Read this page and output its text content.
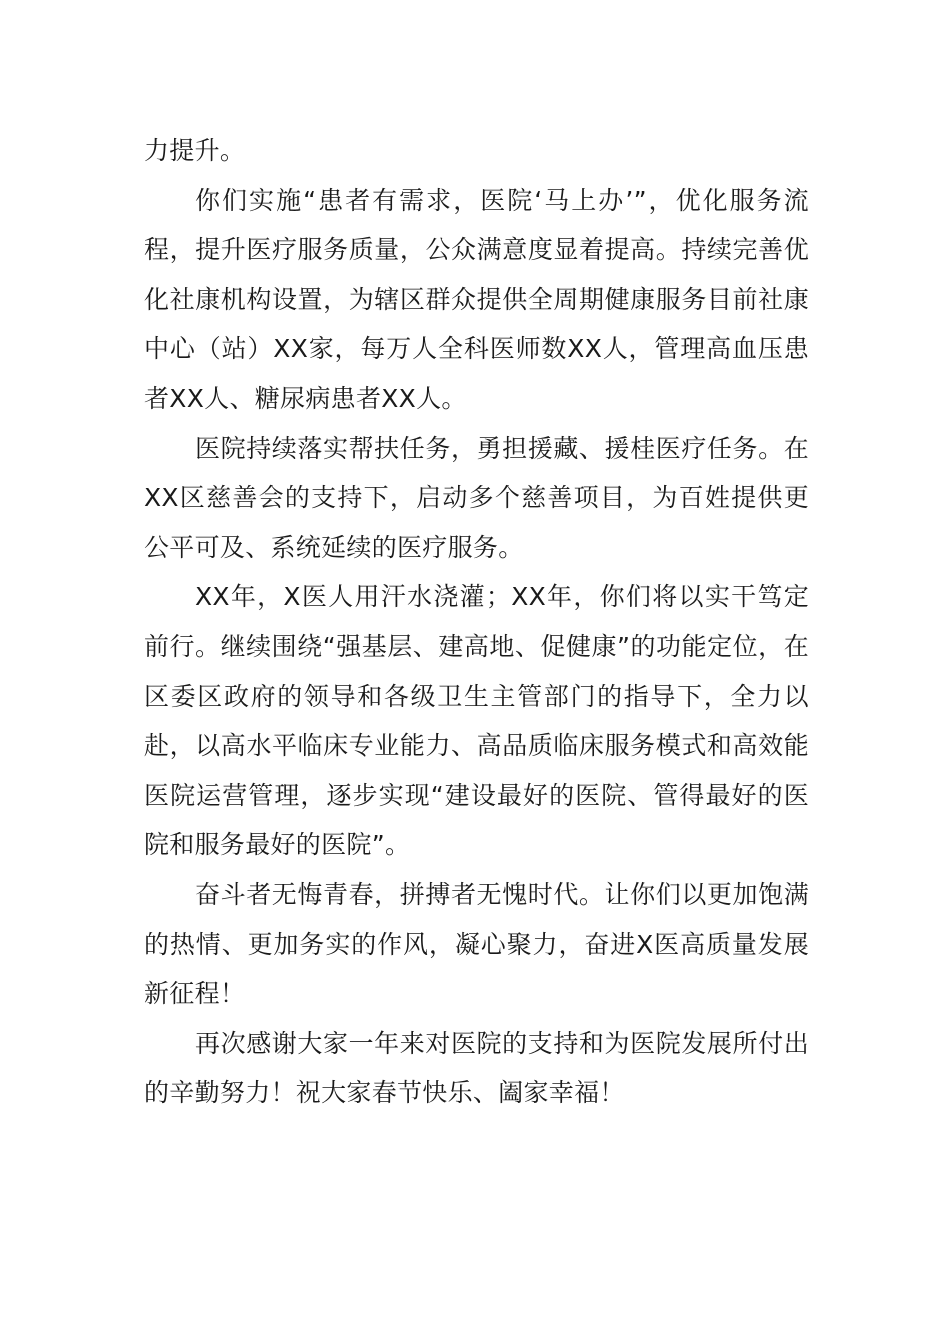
力提升。

你们实施“患者有需求，医院‘马上办’”，优化服务流程，提升医疗服务质量，公众满意度显着提高。持续完善优化社康机构设置，为辖区群众提供全周期健康服务目前社康中心（站）XX家，每万人全科医师数XX人，管理高血压患者XX人、糖尿病患者XX人。

医院持续落实帮扶任务，勇担援藏、援桂医疗任务。在XX区慈善会的支持下，启动多个慈善项目，为百姓提供更公平可及、系统延续的医疗服务。

XX年，X医人用汗水浇灌；XX年，你们将以实干笃定前行。继续围绕“强基层、建高地、促健康”的功能定位，在区委区政府的领导和各级卫生主管部门的指导下，全力以赴，以高水平临床专业能力、高品质临床服务模式和高效能医院运营管理，逐步实现“建设最好的医院、管得最好的医院和服务最好的医院”。

奋斗者无悔青春，拼搏者无愧时代。让你们以更加饱满的热情、更加务实的作风，凝心聚力，奋进X医高质量发展新征程！

再次感谢大家一年来对医院的支持和为医院发展所付出的辛勤努力！祝大家春节快乐、阖家幸福！
